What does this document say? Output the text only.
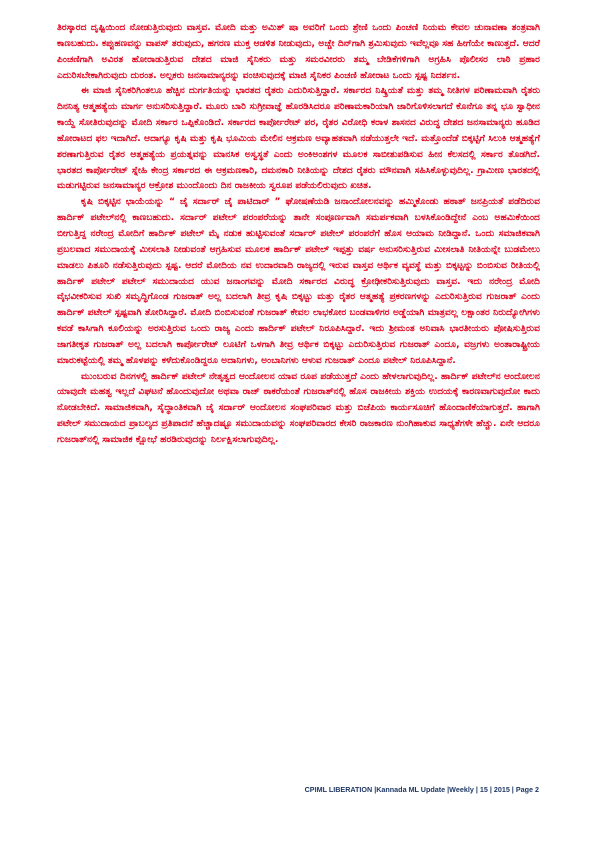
ತಿರಸ್ಕಾರದ ದೃಷ್ಟಿಯಿಂದ ನೋಡುತ್ತಿರುವುದು ವಾಸ್ತವ. ಮೋದಿ ಮತ್ತು ಅಮಿತ್ ಷಾ ಅವರಿಗೆ ಒಂದು ಶ್ರೇಣಿ ಒಂದು ಪಿಂಚಣಿ ನಿಯಮ ಕೇವಲ ಚುನಾವಣಾ ತಂತ್ರವಾಗಿ ಕಾಣಬಹುದು. ಕಪ್ಪುಹಣವನ್ನು ವಾಪಸ್ ತರುವುದು, ಹಗರಣ ಮುಕ್ತ ಆಡಳಿತ ನೀಡುವುದು, ಅಚ್ಚೇ ದಿನ್‌ಗಾಗಿ ಶ್ರಮಿಸುವುದು ಇವೆಲ್ಲವೂ ಸಹ ಹೀಗೆಯೇ ಕಾಣುತ್ತದೆ. ಆದರೆ ಪಿಂಚಣಿಗಾಗಿ ಅವಿರತ ಹೋರಾಡುತ್ತಿರುವ ದೇಶದ ಮಾಜಿ ಸೈನಿಕರು ಮತ್ತು ಸಮರವೀರರು ತಮ್ಮ ಬೇಡಿಕೆಗಳಿಗಾಗಿ ಅಗ್ರಹಿಸಿ ಪೊಲೀಸರ ಲಾಠಿ ಪ್ರಹಾರ ಎದುರಿಸಬೇಕಾಗಿರುವುದು ದುರಂತ. ಅಲ್ಪಕರು ಜನಸಾಮಾನ್ಯರನ್ನು ವಂಚಿಸುವುದಕ್ಕೆ ಮಾಜಿ ಸೈನಿಕರ ಪಿಂಚಣಿ ಹೋರಾಟ ಒಂದು ಸ್ಪಷ್ಟ ನಿದರ್ಶನ.

ಈ ಮಾಜಿ ಸೈನಿಕರಿಗಿಂತಲೂ ಹೆಚ್ಚಿನ ದುರ್ಗತಿಯನ್ನು ಭಾರತದ ರೈತರು ಎದುರಿಸುತ್ತಿದ್ದಾರೆ. ಸರ್ಕಾರದ ನಿಷ್ಕ್ರಿಯತೆ ಮತ್ತು ತಮ್ಮ ನೀತಿಗಳ ಪರಿಣಾಮವಾಗಿ ರೈತರು ದಿನನಿತ್ಯ ಆತ್ಮಹತ್ಯೆಯ ಮಾರ್ಗ ಅನುಸರಿಸುತ್ತಿದ್ದಾರೆ. ಮೂರು ಬಾರಿ ಸುಗ್ರೀವಾಜ್ಞೆ ಹೊರಡಿಸಿದರೂ ಪರಿಣಾಮಕಾರಿಯಾಗಿ ಜಾರಿಗೊಳಿಸಲಾಗದೆ ಕೊನೆಗೂ ತನ್ನ ಭೂ ಸ್ವಾಧೀನ ಕಾಯ್ದೆ ಸೋತಿರುವುದನ್ನು ಮೋದಿ ಸರ್ಕಾರ ಒಪ್ಪಿಕೊಂಡಿದೆ. ಸರ್ಕಾರದ ಕಾರ್ಪೋರೇಟ್ ಪರ, ರೈತರ ವಿರೋಧಿ ಕರಾಳ ಶಾಸನದ ವಿರುದ್ಧ ದೇಶದ ಜನಸಾಮಾನ್ಯರು ಹೂಡಿದ ಹೋರಾಟದ ಫಲ ಇದಾಗಿದೆ. ಆದಾಗ್ಯೂ ಕೃಷಿ ಮತ್ತು ಕೃಷಿ ಭೂಮಿಯ ಮೇಲಿನ ಆಕ್ರಮಣ ಅವ್ಯಾಹತವಾಗಿ ನಡೆಯುತ್ತಲೇ ಇದೆ. ಮತ್ತೊಂದೆಡೆ ಬಿಕ್ಕಟ್ಟಿಗೆ ಸಿಲುಕಿ ಆತ್ಮಹತ್ಯೆಗೆ ಶರಣಾಗುತ್ತಿರುವ ರೈತರ ಆತ್ಮಹತ್ಯೆಯ ಪ್ರಯತ್ನವನ್ನು ಮಾನಸಿಕ ಅಸ್ವಸ್ಥತೆ ಎಂದು ಅಂಕಿಅಂಶಗಳ ಮೂಲಕ ಸಾಬೀತುಪಡಿಸುವ ಹೀನ ಕೆಲಸದಲ್ಲಿ ಸರ್ಕಾರ ತೊಡಗಿದೆ. ಭಾರತದ ಕಾರ್ಪೋರೇಟ್ ಸ್ನೇಹಿ ಕೇಂದ್ರ ಸರ್ಕಾರದ ಈ ಆಕ್ರಮಣಕಾರಿ, ದಮನಕಾರಿ ನೀತಿಯನ್ನು ದೇಶದ ರೈತರು ಮೌನವಾಗಿ ಸಹಿಸಿಕೊಳ್ಳುವುದಿಲ್ಲ. ಗ್ರಾಮೀಣ ಭಾರತದಲ್ಲಿ ಮಡುಗಟ್ಟಿರುವ ಜನಸಾಮಾನ್ಯರ ಆಕ್ರೋಶ ಮುಂದೊಂದು ದಿನ ರಾಜಕೀಯ ಸ್ವರೂಪ ಪಡೆಯಲಿರುವುದು ಖಚಿತ.

ಕೃಷಿ ಬಿಕ್ಕಟ್ಟಿನ ಛಾಯೆಯನ್ನು “ ಜೈ ಸರ್ದಾರ್ ಜೈ ಪಾಟಿದಾರ್ ” ಘೋಷಣೆಯಡಿ ಜನಾಂದೋಲನವನ್ನು ಹಮ್ಮಿಕೊಂಡು ಹಠಾತ್ ಜನಪ್ರಿಯತೆ ಪಡೆದಿರುವ ಹಾರ್ದಿಕ್ ಪಟೇಲ್‌ನಲ್ಲಿ ಕಾಣಬಹುದು. ಸರ್ದಾರ್ ಪಟೇಲ್ ಪರಂಪರೆಯನ್ನು ತಾನೇ ಸಂಪೂರ್ಣವಾಗಿ ಸಮರ್ಪಕವಾಗಿ ಬಳಸಿಕೊಂಡಿದ್ದೇನೆ ಎಂಬ ಅಹಮಿಕೆಯಿಂದ ಬೀಗುತ್ತಿದ್ದ ನರೇಂದ್ರ ಮೋದಿಗೆ ಹಾರ್ದಿಕ್ ಪಟೇಲ್ ಮೈ ನಡುಕ ಹುಟ್ಟಿಸುವಂತೆ ಸರ್ದಾರ್ ಪಟೇಲ್ ಪರಂಪರೆಗೆ ಹೊಸ ಆಯಾಮ ನೀಡಿದ್ದಾನೆ. ಒಂದು ಸಮಾಜಿಕವಾಗಿ ಪ್ರಬಲವಾದ ಸಮುದಾಯಕ್ಕೆ ಮೀಸಲಾತಿ ನೀಡುವಂತೆ ಆಗ್ರಹಿಸುವ ಮೂಲಕ ಹಾರ್ದಿಕ್ ಪಟೇಲ್ ಇಪ್ಪತ್ತು ವರ್ಷ ಅನುಸರಿಸುತ್ತಿರುವ ಮೀಸಲಾತಿ ನೀತಿಯನ್ನೇ ಬುಡಮೇಲು ಮಾಡಲು ಪಿತೂರಿ ನಡೆಸುತ್ತಿರುವುದು ಸ್ಪಷ್ಟ. ಆದರೆ ಮೋದಿಯ ನವ ಉದಾರವಾದಿ ರಾಜ್ಯದಲ್ಲಿ ಇರುವ ವಾಸ್ತವ ಆರ್ಥಿಕ ವ್ಯವಸ್ಥೆ ಮತ್ತು ಬಿಕ್ಕಟ್ಟನ್ನು ಬಿಂಬಿಸುವ ರೀತಿಯಲ್ಲಿ ಹಾರ್ದಿಕ್ ಪಟೇಲ್ ಪಟೇಲ್ ಸಮುದಾಯದ ಯುವ ಜನಾಂಗವನ್ನು ಮೋದಿ ಸರ್ಕಾರದ ವಿರುದ್ಧ ಕ್ರೋಢೀಕರಿಸುತ್ತಿರುವುದು ವಾಸ್ತವ. ಇದು ನರೇಂದ್ರ ಮೋದಿ ವೈಭವೀಕರಿಸುವ ಸುಖಿ ಸಮೃದ್ಧಿಗೊಂಡ ಗುಜರಾತ್ ಅಲ್ಲ ಬದಲಾಗಿ ತೀವ್ರ ಕೃಷಿ ಬಿಕ್ಕಟ್ಟು ಮತ್ತು ರೈತರ ಆತ್ಮಹತ್ಯೆ ಪ್ರಕರಣಗಳನ್ನು ಎದುರಿಸುತ್ತಿರುವ ಗುಜರಾತ್ ಎಂದು ಹಾರ್ದಿಕ್ ಪಟೇಲ್ ಸ್ಪಷ್ಟವಾಗಿ ತೋರಿಸಿದ್ದಾರೆ. ಮೋದಿ ಬಿಂಬಿಸುವಂತೆ ಗುಜರಾತ್ ಕೇವಲ ಲಾಭಕೋರ ಬಂಡವಾಳಿಗರ ಅಡ್ಡೆಯಾಗಿ ಮಾತ್ರವಲ್ಲ ಲಕ್ಷಾಂತರ ನಿರುದ್ಯೋಗಿಗಳು ಕವಡೆ ಕಾಸಿಗಾಗಿ ಕೂಲಿಯನ್ನು ಅರಸುತ್ತಿರುವ ಒಂದು ರಾಜ್ಯ ಎಂದು ಹಾರ್ದಿಕ್ ಪಟೇಲ್ ನಿರೂಪಿಸಿದ್ದಾರೆ. ಇದು ಶ್ರೀಮಂತ ಅನಿವಾಸಿ ಭಾರತೀಯರು ಪೋಷಿಸುತ್ತಿರುವ ಜಾಗತೀಕೃತ ಗುಜರಾತ್ ಅಲ್ಲ ಬದಲಾಗಿ ಕಾರ್ಪೋರೇಟ್ ಲೂಟಿಗೆ ಒಳಗಾಗಿ ತೀವ್ರ ಆರ್ಥಿಕ ಬಿಕ್ಕಟ್ಟು ಎದುರಿಸುತ್ತಿರುವ ಗುಜರಾತ್ ಎಂದೂ, ವಜ್ರಗಳು ಅಂತಾರಾಷ್ಟ್ರೀಯ ಮಾರುಕಟ್ಟೆಯಲ್ಲಿ ತಮ್ಮ ಹೊಳಪನ್ನು ಕಳೆದುಕೊಂಡಿದ್ದರೂ ಅದಾನಿಗಳು, ಅಂಬಾನಿಗಳು ಆಳುವ ಗುಜರಾತ್ ಎಂದೂ ಪಟೇಲ್ ನಿರೂಪಿಸಿದ್ದಾನೆ.

ಮುಂಬರುವ ದಿನಗಳಲ್ಲಿ ಹಾರ್ದಿಕ್ ಪಟೇಲ್ ನೇತೃತ್ವದ ಆಂದೋಲನ ಯಾವ ರೂಪ ಪಡೆಯುತ್ತದೆ ಎಂದು ಹೇಳಲಾಗುವುದಿಲ್ಲ. ಹಾರ್ದಿಕ್ ಪಟೇಲ್‌ನ ಆಂದೋಲನ ಯಾವುದೇ ಮಹತ್ವ ಇಲ್ಲದೆ ವಿಘಟನೆ ಹೊಂದುವುದೋ ಅಥವಾ ರಾಜ್ ಠಾಕರೆಯಂತೆ ಗುಜರಾತ್‌ನಲ್ಲಿ ಹೊಸ ರಾಜಕೀಯ ಶಕ್ತಿಯ ಉದಯಕ್ಕೆ ಕಾರಣವಾಗುವುದೋ ಕಾದು ನೋಡಬೇಕಿದೆ. ಸಾಮಾಜಿಕವಾಗಿ, ಸೈದ್ಧಾಂತಿಕವಾಗಿ ಜೈ ಸರ್ದಾರ್ ಆಂದೋಲನ ಸಂಘಪರಿವಾರ ಮತ್ತು ಬಿಜೆಪಿಯ ಕಾರ್ಯಸೂಚಿಗೆ ಹೊಂದಾಣಿಕೆಯಾಗುತ್ತದೆ. ಹಾಗಾಗಿ ಪಟೇಲ್ ಸಮುದಾಯದ ಪ್ರಾಬಲ್ಯದ ಪ್ರತಿಪಾದನೆ ಹೆಚ್ಚಾದಷ್ಟೂ ಸಮುದಾಯವನ್ನು ಸಂಘಪರಿವಾರದ ಕೇಸರಿ ರಾಜಕಾರಣ ನುಂಗಿಹಾಕುವ ಸಾಧ್ಯತೆಗಳೇ ಹೆಚ್ಚು. ಏನೇ ಆದರೂ ಗುಜರಾತ್‌ನಲ್ಲಿ ಸಾಮಾಜಿಕ ಕ್ಷೋಭೆ ಹರಡಿರುವುದನ್ನು ನಿರ್ಲಕ್ಷಿಸಲಾಗುವುದಿಲ್ಲ.

CPIML LIBERATION |Kannada ML Update |Weekly | 15 | 2015 | Page 2
